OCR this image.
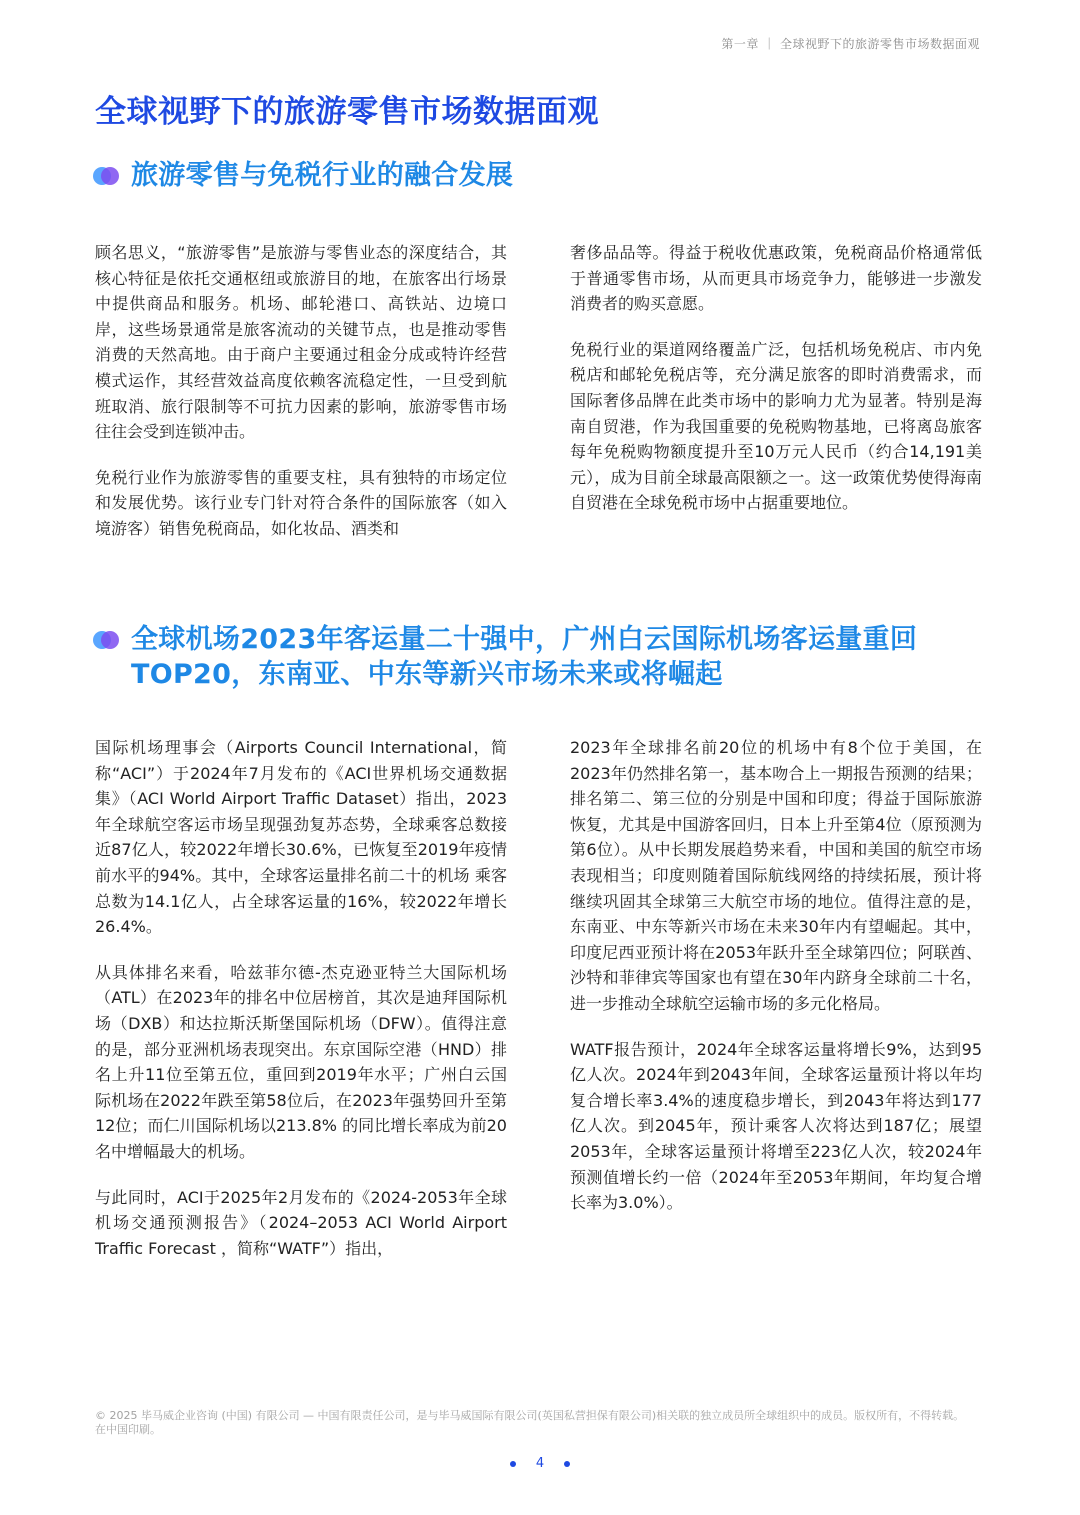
第一章 ｜ 全球视野下的旅游零售市场数据面观
全球视野下的旅游零售市场数据面观
旅游零售与免税行业的融合发展

顾名思义，“旅游零售”是旅游与零售业态的深度结合，其核心特征是依托交通枢纽或旅游目的地，在旅客出行场景中提供商品和服务。机场、邮轮港口、高铁站、边境口岸，这些场景通常是旅客流动的关键节点，也是推动零售消费的天然高地。由于商户主要通过租金分成或特许经营模式运作，其经营效益高度依赖客流稳定性，一旦受到航班取消、旅行限制等不可抗力因素的影响，旅游零售市场往往会受到连锁冲击。

免税行业作为旅游零售的重要支柱，具有独特的市场定位和发展优势。该行业专门针对符合条件的国际旅客（如入境游客）销售免税商品，如化妆品、酒类和

奢侈品品等。得益于税收优惠政策，免税商品价格通常低于普通零售市场，从而更具市场竞争力，能够进一步激发消费者的购买意愿。

免税行业的渠道网络覆盖广泛，包括机场免税店、市内免税店和邮轮免税店等，充分满足旅客的即时消费需求，而国际奢侈品牌在此类市场中的影响力尤为显著。特别是海南自贸港，作为我国重要的免税购物基地，已将离岛旅客每年免税购物额度提升至10万元人民币（约合14,191美元），成为目前全球最高限额之一。这一政策优势使得海南自贸港在全球免税市场中占据重要地位。

全球机场2023年客运量二十强中，广州白云国际机场客运量重回
TOP20，东南亚、中东等新兴市场未来或将崛起

国际机场理事会（Airports Council International，简称“ACI”）于2024年7月发布的《ACI世界机场交通数据集》（ACI World Airport Traffic Dataset）指出，2023年全球航空客运市场呈现强劲复苏态势，全球乘客总数接近87亿人，较2022年增长30.6%，已恢复至2019年疫情前水平的94%。其中，全球客运量排名前二十的机场 乘客总数为14.1亿人，占全球客运量的16%，较2022年增长26.4%。

从具体排名来看，哈兹菲尔德-杰克逊亚特兰大国际机场（ATL）在2023年的排名中位居榜首，其次是迪拜国际机场（DXB）和达拉斯沃斯堡国际机场（DFW）。值得注意的是，部分亚洲机场表现突出。东京国际空港（HND）排名上升11位至第五位，重回到2019年水平；广州白云国际机场在2022年跌至第58位后，在2023年强势回升至第12位；而仁川国际机场以213.8% 的同比增长率成为前20名中增幅最大的机场。

与此同时，ACI于2025年2月发布的《2024-2053年全球机场交通预测报告》（2024–2053 ACI World Airport Traffic Forecast ，简称“WATF”）指出，

2023年全球排名前20位的机场中有8个位于美国，在2023年仍然排名第一，基本吻合上一期报告预测的结果；排名第二、第三位的分别是中国和印度；得益于国际旅游恢复，尤其是中国游客回归，日本上升至第4位（原预测为第6位）。从中长期发展趋势来看，中国和美国的航空市场表现相当；印度则随着国际航线网络的持续拓展，预计将继续巩固其全球第三大航空市场的地位。值得注意的是，东南亚、中东等新兴市场在未来30年内有望崛起。其中，印度尼西亚预计将在2053年跃升至全球第四位；阿联酋、沙特和菲律宾等国家也有望在30年内跻身全球前二十名，进一步推动全球航空运输市场的多元化格局。

WATF报告预计，2024年全球客运量将增长9%，达到95亿人次。2024年到2043年间，全球客运量预计将以年均复合增长率3.4%的速度稳步增长，到2043年将达到177亿人次。到2045年，预计乘客人次将达到187亿；展望2053年，全球客运量预计将增至223亿人次，较2024年预测值增长约一倍（2024年至2053年期间，年均复合增长率为3.0%）。

© 2025 毕马威企业咨询 (中国) 有限公司 — 中国有限责任公司，是与毕马威国际有限公司(英国私营担保有限公司)相关联的独立成员所全球组织中的成员。版权所有，不得转载。在中国印刷。
4
